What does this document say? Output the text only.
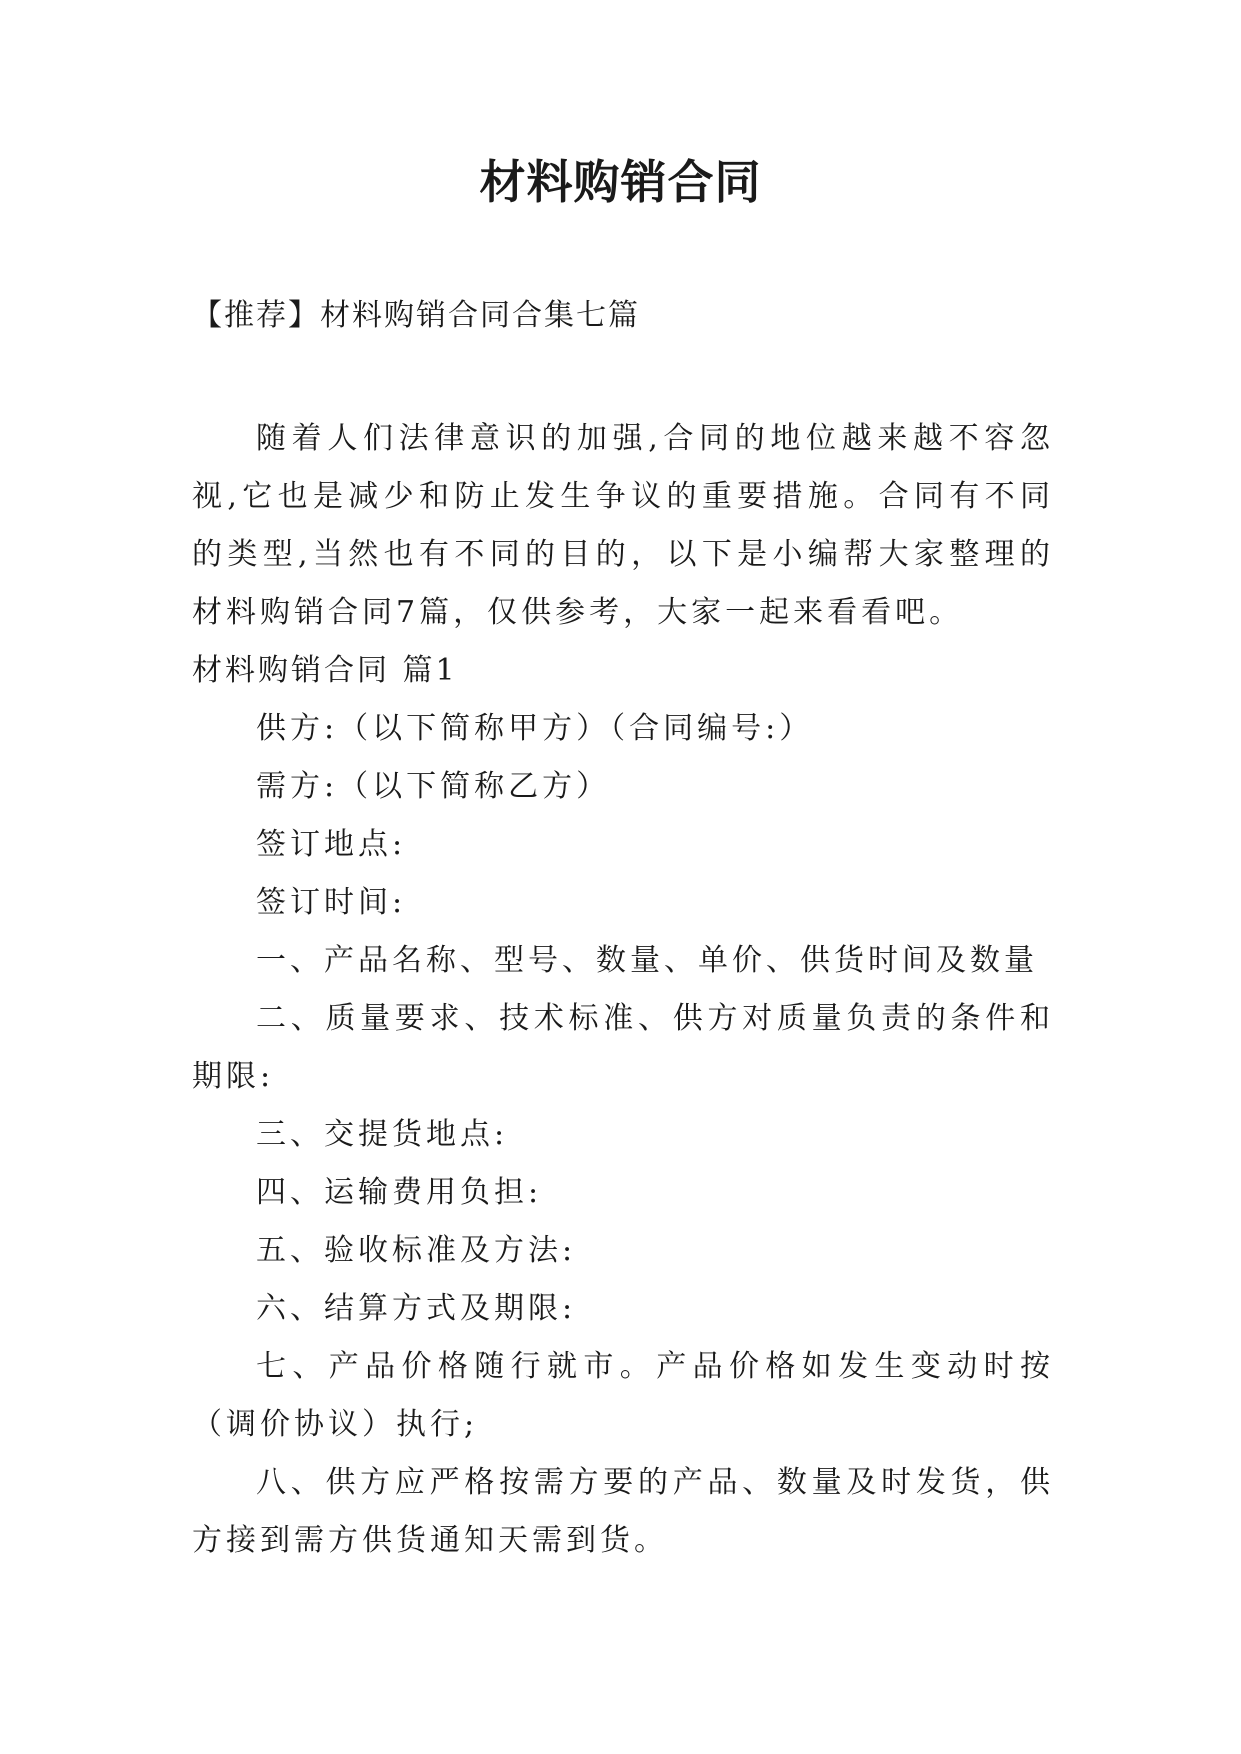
材料购销合同

【推荐】材料购销合同合集七篇

随着人们法律意识的加强,合同的地位越来越不容忽视,它也是减少和防止发生争议的重要措施。合同有不同的类型,当然也有不同的目的，以下是小编帮大家整理的材料购销合同7篇，仅供参考，大家一起来看看吧。

材料购销合同 篇1

供方:（以下简称甲方）（合同编号:）

需方:（以下简称乙方）

签订地点:

签订时间:

一、产品名称、型号、数量、单价、供货时间及数量

二、质量要求、技术标准、供方对质量负责的条件和期限:

三、交提货地点:

四、运输费用负担:

五、验收标准及方法:

六、结算方式及期限:

七、产品价格随行就市。产品价格如发生变动时按（调价协议）执行;

八、供方应严格按需方要的产品、数量及时发货，供方接到需方供货通知天需到货。
